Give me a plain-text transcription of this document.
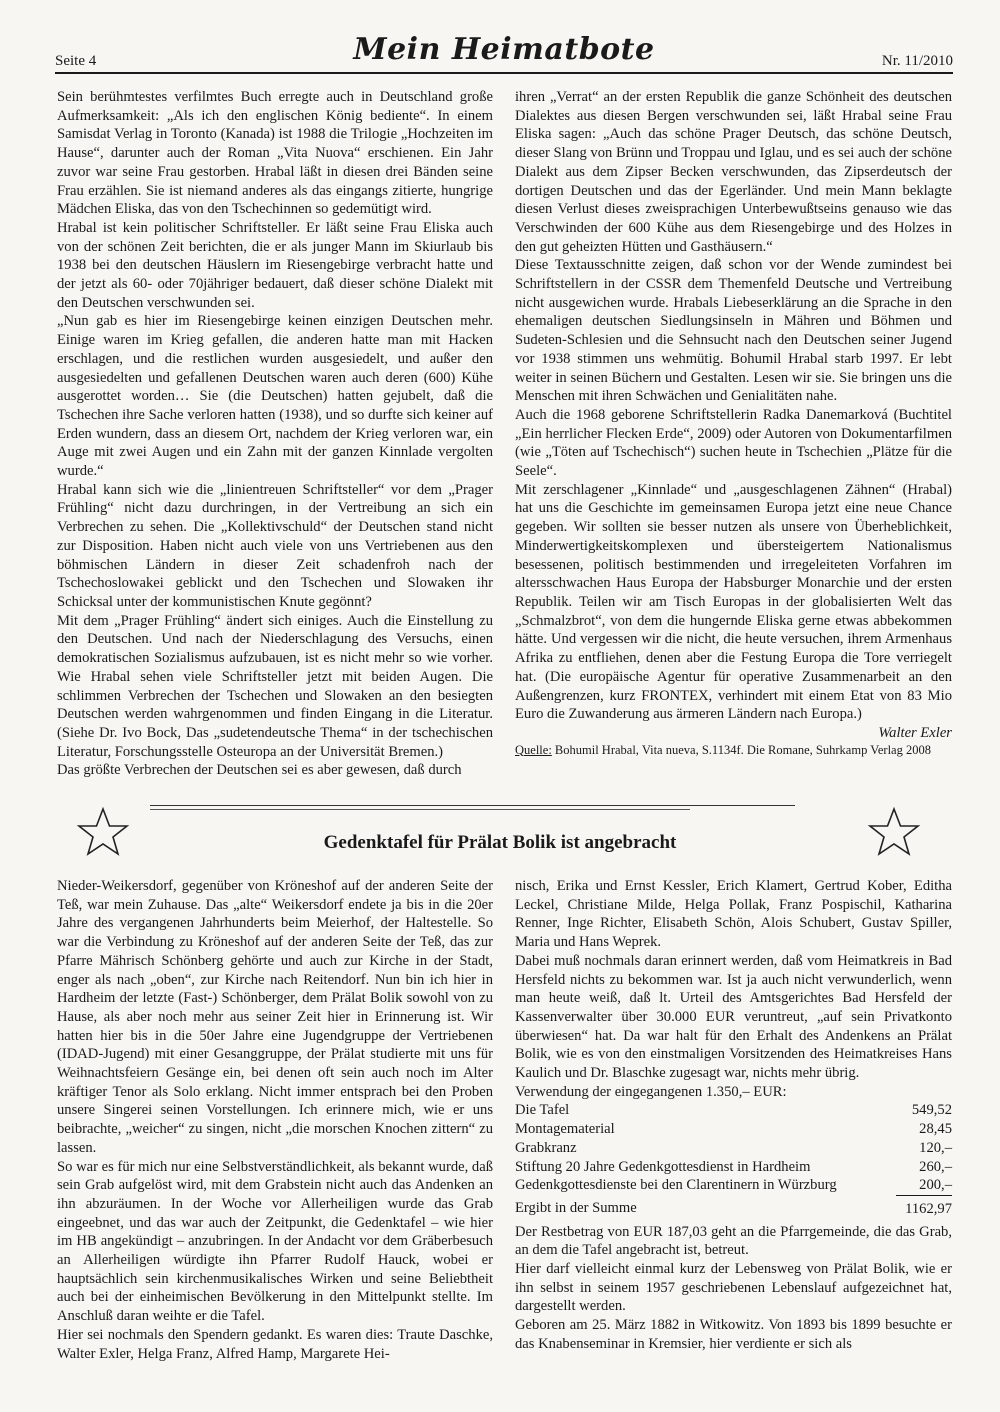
Seite 4	Mein Heimatbote	Nr. 11/2010

Sein berühmtestes verfilmtes Buch erregte auch in Deutschland große Aufmerksamkeit: „Als ich den englischen König bediente“. In einem Samisdat Verlag in Toronto (Kanada) ist 1988 die Trilogie „Hochzeiten im Hause“, darunter auch der Roman „Vita Nuova“ erschienen. Ein Jahr zuvor war seine Frau gestorben. Hrabal läßt in diesen drei Bänden seine Frau erzählen. Sie ist niemand anderes als das eingangs zitierte, hungrige Mädchen Eliska, das von den Tschechinnen so gedemütigt wird.

Hrabal ist kein politischer Schriftsteller. Er läßt seine Frau Eliska auch von der schönen Zeit berichten, die er als junger Mann im Skiurlaub bis 1938 bei den deutschen Häuslern im Riesengebirge verbracht hatte und der jetzt als 60- oder 70jähriger bedauert, daß dieser schöne Dialekt mit den Deutschen verschwunden sei.

„Nun gab es hier im Riesengebirge keinen einzigen Deutschen mehr. Einige waren im Krieg gefallen, die anderen hatte man mit Hacken erschlagen, und die restlichen wurden ausgesiedelt, und außer den ausgesiedelten und gefallenen Deutschen waren auch deren (600) Kühe ausgerottet worden… Sie (die Deutschen) hatten gejubelt, daß die Tschechen ihre Sache verloren hatten (1938), und so durfte sich keiner auf Erden wundern, dass an diesem Ort, nachdem der Krieg verloren war, ein Auge mit zwei Augen und ein Zahn mit der ganzen Kinnlade vergolten wurde.“

Hrabal kann sich wie die „linientreuen Schriftsteller“ vor dem „Prager Frühling“ nicht dazu durchringen, in der Vertreibung an sich ein Verbrechen zu sehen. Die „Kollektivschuld“ der Deutschen stand nicht zur Disposition. Haben nicht auch viele von uns Vertriebenen aus den böhmischen Ländern in dieser Zeit schadenfroh nach der Tschechoslowakei geblickt und den Tschechen und Slowaken ihr Schicksal unter der kommunistischen Knute gegönnt?

Mit dem „Prager Frühling“ ändert sich einiges. Auch die Einstellung zu den Deutschen. Und nach der Niederschlagung des Versuchs, einen demokratischen Sozialismus aufzubauen, ist es nicht mehr so wie vorher. Wie Hrabal sehen viele Schriftsteller jetzt mit beiden Augen. Die schlimmen Verbrechen der Tschechen und Slowaken an den besiegten Deutschen werden wahrgenommen und finden Eingang in die Literatur. (Siehe Dr. Ivo Bock, Das „sudetendeutsche Thema“ in der tschechischen Literatur, Forschungsstelle Osteuropa an der Universität Bremen.)

Das größte Verbrechen der Deutschen sei es aber gewesen, daß durch

ihren „Verrat“ an der ersten Republik die ganze Schönheit des deutschen Dialektes aus diesen Bergen verschwunden sei, läßt Hrabal seine Frau Eliska sagen: „Auch das schöne Prager Deutsch, das schöne Deutsch, dieser Slang von Brünn und Troppau und Iglau, und es sei auch der schöne Dialekt aus dem Zipser Becken verschwunden, das Zipserdeutsch der dortigen Deutschen und das der Egerländer. Und mein Mann beklagte diesen Verlust dieses zweisprachigen Unterbewußtseins genauso wie das Verschwinden der 600 Kühe aus dem Riesengebirge und des Holzes in den gut geheizten Hütten und Gasthäusern.“

Diese Textausschnitte zeigen, daß schon vor der Wende zumindest bei Schriftstellern in der CSSR dem Themenfeld Deutsche und Vertreibung nicht ausgewichen wurde. Hrabals Liebeserklärung an die Sprache in den ehemaligen deutschen Siedlungsinseln in Mähren und Böhmen und Sudeten-Schlesien und die Sehnsucht nach den Deutschen seiner Jugend vor 1938 stimmen uns wehmütig. Bohumil Hrabal starb 1997. Er lebt weiter in seinen Büchern und Gestalten. Lesen wir sie. Sie bringen uns die Menschen mit ihren Schwächen und Genialitäten nahe.

Auch die 1968 geborene Schriftstellerin Radka Danemarková (Buchtitel „Ein herrlicher Flecken Erde“, 2009) oder Autoren von Dokumentarfilmen (wie „Töten auf Tschechisch“) suchen heute in Tschechien „Plätze für die Seele“.

Mit zerschlagener „Kinnlade“ und „ausgeschlagenen Zähnen“ (Hrabal) hat uns die Geschichte im gemeinsamen Europa jetzt eine neue Chance gegeben. Wir sollten sie besser nutzen als unsere von Überheblichkeit, Minderwertigkeitskomplexen und übersteigertem Nationalismus besessenen, politisch bestimmenden und irregeleiteten Vorfahren im altersschwachen Haus Europa der Habsburger Monarchie und der ersten Republik. Teilen wir am Tisch Europas in der globalisierten Welt das „Schmalzbrot“, von dem die hungernde Eliska gerne etwas abbekommen hätte. Und vergessen wir die nicht, die heute versuchen, ihrem Armenhaus Afrika zu entfliehen, denen aber die Festung Europa die Tore verriegelt hat. (Die europäische Agentur für operative Zusammenarbeit an den Außengrenzen, kurz FRONTEX, verhindert mit einem Etat von 83 Mio Euro die Zuwanderung aus ärmeren Ländern nach Europa.)

Walter Exler

Quelle: Bohumil Hrabal, Vita nueva, S.1134f. Die Romane, Suhrkamp Verlag 2008

Gedenktafel für Prälat Bolik ist angebracht

Nieder-Weikersdorf, gegenüber von Kröneshof auf der anderen Seite der Teß, war mein Zuhause. Das „alte“ Weikersdorf endete ja bis in die 20er Jahre des vergangenen Jahrhunderts beim Meierhof, der Haltestelle. So war die Verbindung zu Kröneshof auf der anderen Seite der Teß, das zur Pfarre Mährisch Schönberg gehörte und auch zur Kirche in der Stadt, enger als nach „oben“, zur Kirche nach Reitendorf. Nun bin ich hier in Hardheim der letzte (Fast-) Schönberger, dem Prälat Bolik sowohl von zu Hause, als aber noch mehr aus seiner Zeit hier in Erinnerung ist. Wir hatten hier bis in die 50er Jahre eine Jugendgruppe der Vertriebenen (IDAD-Jugend) mit einer Gesanggruppe, der Prälat studierte mit uns für Weihnachtsfeiern Gesänge ein, bei denen oft sein auch noch im Alter kräftiger Tenor als Solo erklang. Nicht immer entsprach bei den Proben unsere Singerei seinen Vorstellungen. Ich erinnere mich, wie er uns beibrachte, „weicher“ zu singen, nicht „die morschen Knochen zittern“ zu lassen.

So war es für mich nur eine Selbstverständlichkeit, als bekannt wurde, daß sein Grab aufgelöst wird, mit dem Grabstein nicht auch das Andenken an ihn abzuräumen. In der Woche vor Allerheiligen wurde das Grab eingeebnet, und das war auch der Zeitpunkt, die Gedenktafel – wie hier im HB angekündigt – anzubringen. In der Andacht vor dem Gräberbesuch an Allerheiligen würdigte ihn Pfarrer Rudolf Hauck, wobei er hauptsächlich sein kirchenmusikalisches Wirken und seine Beliebtheit auch bei der einheimischen Bevölkerung in den Mittelpunkt stellte. Im Anschluß daran weihte er die Tafel.

Hier sei nochmals den Spendern gedankt. Es waren dies: Traute Daschke, Walter Exler, Helga Franz, Alfred Hamp, Margarete Hei-

nisch, Erika und Ernst Kessler, Erich Klamert, Gertrud Kober, Editha Leckel, Christiane Milde, Helga Pollak, Franz Pospischil, Katharina Renner, Inge Richter, Elisabeth Schön, Alois Schubert, Gustav Spiller, Maria und Hans Weprek.

Dabei muß nochmals daran erinnert werden, daß vom Heimatkreis in Bad Hersfeld nichts zu bekommen war. Ist ja auch nicht verwunderlich, wenn man heute weiß, daß lt. Urteil des Amtsgerichtes Bad Hersfeld der Kassenverwalter über 30.000 EUR veruntreut, „auf sein Privatkonto überwiesen“ hat. Da war halt für den Erhalt des Andenkens an Prälat Bolik, wie es von den einstmaligen Vorsitzenden des Heimatkreises Hans Kaulich und Dr. Blaschke zugesagt war, nichts mehr übrig.

Verwendung der eingegangenen 1.350,– EUR:

Die Tafel	549,52
Montagematerial	28,45
Grabkranz	120,–
Stiftung 20 Jahre Gedenkgottesdienst in Hardheim	260,–
Gedenkgottesdienste bei den Clarentinern in Würzburg	200,–
Ergibt in der Summe	1162,97

Der Restbetrag von EUR 187,03 geht an die Pfarrgemeinde, die das Grab, an dem die Tafel angebracht ist, betreut.

Hier darf vielleicht einmal kurz der Lebensweg von Prälat Bolik, wie er ihn selbst in seinem 1957 geschriebenen Lebenslauf aufgezeichnet hat, dargestellt werden.

Geboren am 25. März 1882 in Witkowitz. Von 1893 bis 1899 besuchte er das Knabenseminar in Kremsier, hier verdiente er sich als
